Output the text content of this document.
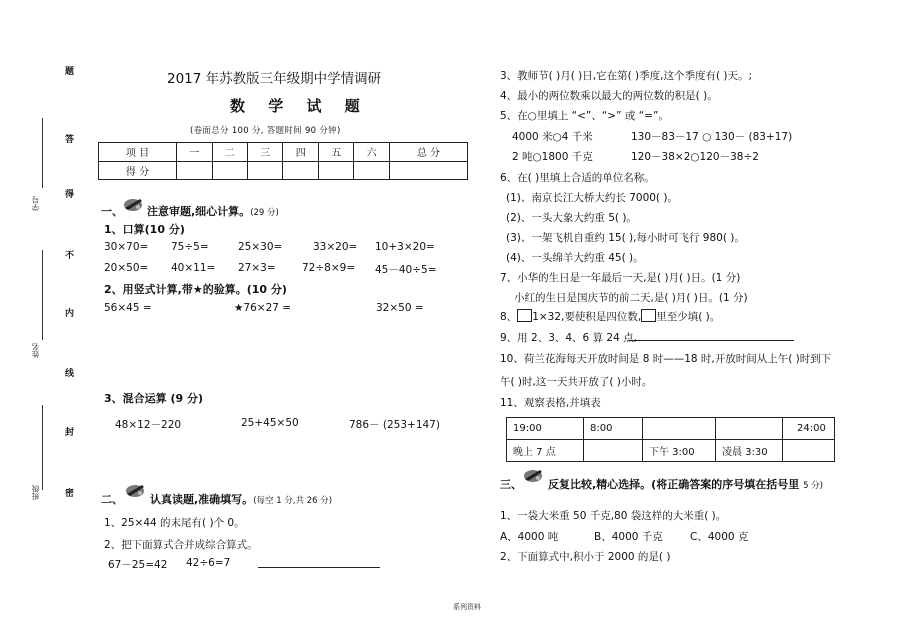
学号
姓名
班级
题
答
得
不
内
线
封
密
2017 年苏教版三年级期中学情调研
数 学 试 题
(卷面总分 100 分, 答题时间 90 分钟)
项 目	一	二	三	四	五	六	总 分
得 分							
一、 注意审题,细心计算。(29 分)
1、口算(10 分)
30×70= 75÷5=	25×30=	33×20= 10+3×20=
20×50= 40×11= 27×3=	72÷8×9= 45－40÷5=
2、用竖式计算,带★的验算。(10 分)
56×45 =	★76×27 =	32×50 =
3、混合运算 (9 分)
48×12－220	25+45×50	786－ (253+147)
二、 认真读题,准确填写。(每空 1 分,共 26 分)
1、25×44 的末尾有( )个 0。
2、把下面算式合并成综合算式。
67－25=42 42÷6=7
3、教师节( )月( )日,它在第( )季度,这个季度有( )天。;
4、最小的两位数乘以最大的两位数的积是( )。
5、在○里填上 “<”、“>” 或 “=”。
4000 米○4 千米	130－83－17 ○ 130－ (83+17)
2 吨○1800 千克	120－38×2○120－38÷2
6、在( )里填上合适的单位名称。
(1)、南京长江大桥大约长 7000( )。
(2)、一头大象大约重 5( )。
(3)、一架飞机自重约 15( ),每小时可飞行 980( )。
(4)、一头绵羊大约重 45( )。
7、小华的生日是一年最后一天,是( )月( )日。(1 分)
小红的生日是国庆节的前二天,是( )月( )日。(1 分)
8、 1×32,要使积是四位数, 里至少填( )。
9、用 2、3、4、6 算 24 点,
10、荷兰花海每天开放时间是 8 时——18 时,开放时间从上午( )时到下
午( )时,这一天共开放了( )小时。
11、观察表格,并填表
19:00	8:00			24:00
晚上 7 点		下午 3:00	凌晨 3:30	
三、 反复比较,精心选择。(将正确答案的序号填在括号里 5 分)
1、一袋大米重 50 千克,80 袋这样的大米重( )。
A、4000 吨	B、4000 千克	C、4000 克
2、下面算式中,积小于 2000 的是( )
系列资料
